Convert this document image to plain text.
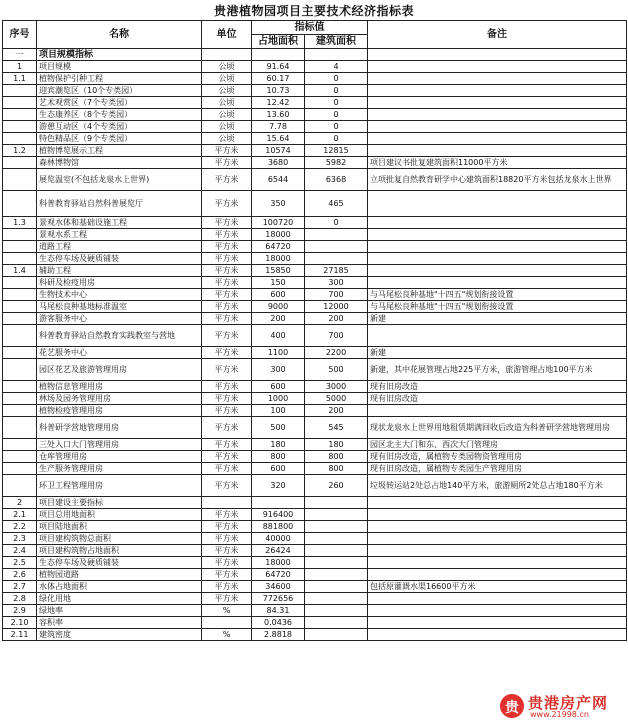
贵港植物园项目主要技术经济指标表
序号	名称	单位	指标值		备注
			占地面积	建筑面积	
一	项目规模指标				
1	项目规模	公顷	91.64	4	
1.1	植物保护引种工程	公顷	60.17	0	
	迎宾潮览区（10个专类园）	公顷	10.73	0	
	艺术观赏区（7个专类园）	公顷	12.42	0	
	生态康养区（8个专类园）	公顷	13.60	0	
	游憩互动区（4个专类园）	公顷	7.78	0	
	特色精品区（9个专类园）	公顷	15.64	0	
1.2	植物博览展示工程	平方米	10574	12815	
	森林博物馆	平方米	3680	5982	项目建议书批复建筑面积11000平方米
	展览温室(不包括龙泉水上世界)	平方米	6544	6368	立项批复自然教育研学中心建筑面积18820平方米包括龙泉水上世界
	科普教育驿站自然科普展览厅	平方米	350	465	
1.3	景观水体和基础设施工程	平方米	100720	0	
	景观水系工程	平方米	18000		
	道路工程	平方米	64720		
	生态停车场及硬质铺装	平方米	18000		
1.4	辅助工程	平方米	15850	27185	
	科研及检疫用房	平方米	150	300	
	生物技术中心	平方米	600	700	与马尾松良种基地"十四五"规划衔接设置
	马尾松良种基地标准温室	平方米	9000	12000	与马尾松良种基地"十四五"规划衔接设置
	游客服务中心	平方米	200	200	新建
	科普教育驿站自然教育实践教室与营地	平方米	400	700	
	花艺服务中心	平方米	1100	2200	新建
	园区花艺及旅游管理用房	平方米	300	500	新建，其中花展管理占地225平方米，旅游管理占地100平方米
	植物信息管理用房	平方米	600	3000	现有旧房改造
	林场及园务管理用房	平方米	1000	5000	现有旧房改造
	植物检疫管理用房	平方米	100	200	
	科普研学营地管理用房	平方米	500	545	现状龙泉水上世界用地租赁期满回收后改造为科普研学营地管理用房
	三处入口大门管理用房	平方米	180	180	园区北主大门和东、西次大门管理房
	仓库管理用房	平方米	800	800	现有旧房改造，属植物专类园物资管理用房
	生产服务管理用房	平方米	600	800	现有旧房改造，属植物专类园生产管理用房
	环卫工程管理用房	平方米	320	260	垃圾转运站2处总占地140平方米，旅游厕所2处总占地180平方米
2	项目建设主要指标				
2.1	项目总用地面积	平方米	916400		
2.2	项目陆地面积	平方米	881800		
2.3	项目建构筑物总面积	平方米	40000		
2.4	项目建构筑物占地面积	平方米	26424		
2.5	生态停车场及硬质铺装	平方米	18000		
2.6	植物园道路	平方米	64720		
2.7	水体占地面积	平方米	34600		包括原灌溉水渠16600平方米
2.8	绿化用地	平方米	772656		
2.9	绿地率	%	84.31		
2.10	容积率		0.0436		
2.11	建筑密度	%	2.8818		
贵 贵港房产网
www.21998.cn
